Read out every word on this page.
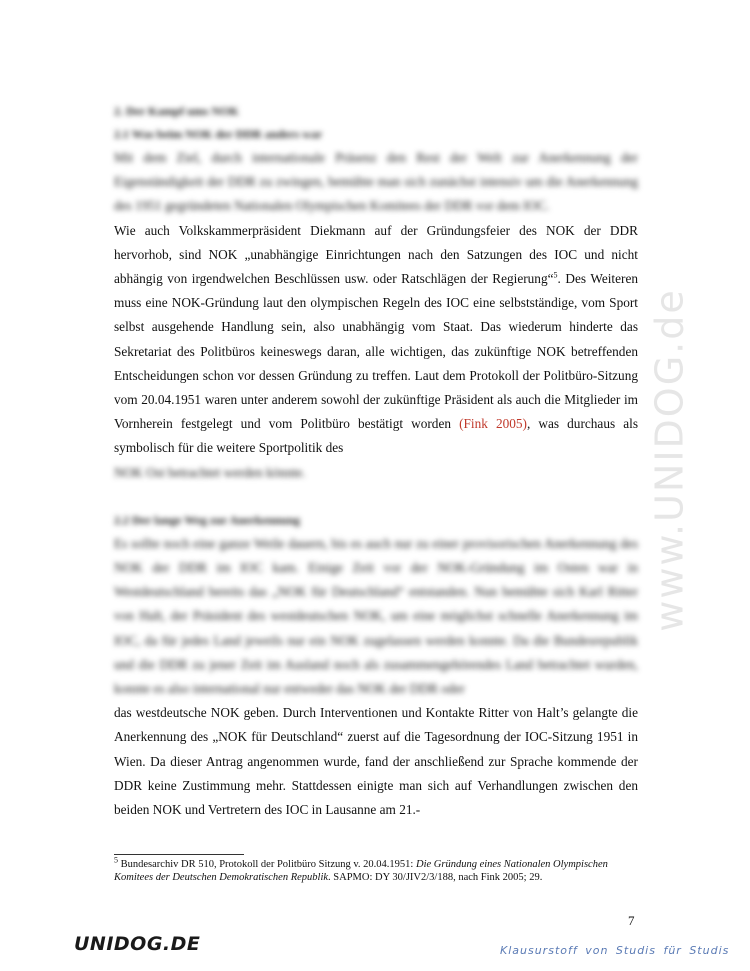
www.UNIDOG.de

2. Der Kampf ums NOK

2.1 Was beim NOK der DDR anders war

Mit dem Ziel, durch internationale Präsenz den Rest der Welt zur Anerkennung der Eigenständigkeit der DDR zu zwingen, bemühte man sich zunächst intensiv um die Anerkennung des 1951 gegründeten Nationalen Olympischen Komitees der DDR vor dem IOC.

Wie auch Volkskammerpräsident Diekmann auf der Gründungsfeier des NOK der DDR hervorhob, sind NOK „unabhängige Einrichtungen nach den Satzungen des IOC und nicht abhängig von irgendwelchen Beschlüssen usw. oder Ratschlägen der Regierung“$^5$. Des Weiteren muss eine NOK-Gründung laut den olympischen Regeln des IOC eine selbstständige, vom Sport selbst ausgehende Handlung sein, also unabhängig vom Staat. Das wiederum hinderte das Sekretariat des Politbüros keineswegs daran, alle wichtigen, das zukünftige NOK betreffenden Entscheidungen schon vor dessen Gründung zu treffen. Laut dem Protokoll der Politbüro-Sitzung vom 20.04.1951 waren unter anderem sowohl der zukünftige Präsident als auch die Mitglieder im Vornherein festgelegt und vom Politbüro bestätigt worden (Fink 2005), was durchaus als symbolisch für die weitere Sportpolitik des

NOK Ost betrachtet werden könnte.

2.2 Der lange Weg zur Anerkennung

Es sollte noch eine ganze Weile dauern, bis es auch nur zu einer provisorischen Anerkennung des NOK der DDR im IOC kam. Einige Zeit vor der NOK-Gründung im Osten war in Westdeutschland bereits das „NOK für Deutschland“ entstanden. Nun bemühte sich Karl Ritter von Halt, der Präsident des westdeutschen NOK, um eine möglichst schnelle Anerkennung im IOC, da für jedes Land jeweils nur ein NOK zugelassen werden konnte. Da die Bundesrepublik und die DDR zu jener Zeit im Ausland noch als zusammengehörendes Land betrachtet wurden, konnte es also international nur entweder das NOK der DDR oder

das westdeutsche NOK geben. Durch Interventionen und Kontakte Ritter von Halt’s gelangte die Anerkennung des „NOK für Deutschland“ zuerst auf die Tagesordnung der IOC-Sitzung 1951 in Wien. Da dieser Antrag angenommen wurde, fand der anschließend zur Sprache kommende der DDR keine Zustimmung mehr. Stattdessen einigte man sich auf Verhandlungen zwischen den beiden NOK und Vertretern des IOC in Lausanne am 21.-

$^5$ Bundesarchiv DR 510, Protokoll der Politbüro Sitzung v. 20.04.1951: Die Gründung eines Nationalen Olympischen Komitees der Deutschen Demokratischen Republik. SAPMO: DY 30/JIV2/3/188, nach Fink 2005; 29.
7
UNIDOG.DE	Klausurstoff von Studis für Studis
